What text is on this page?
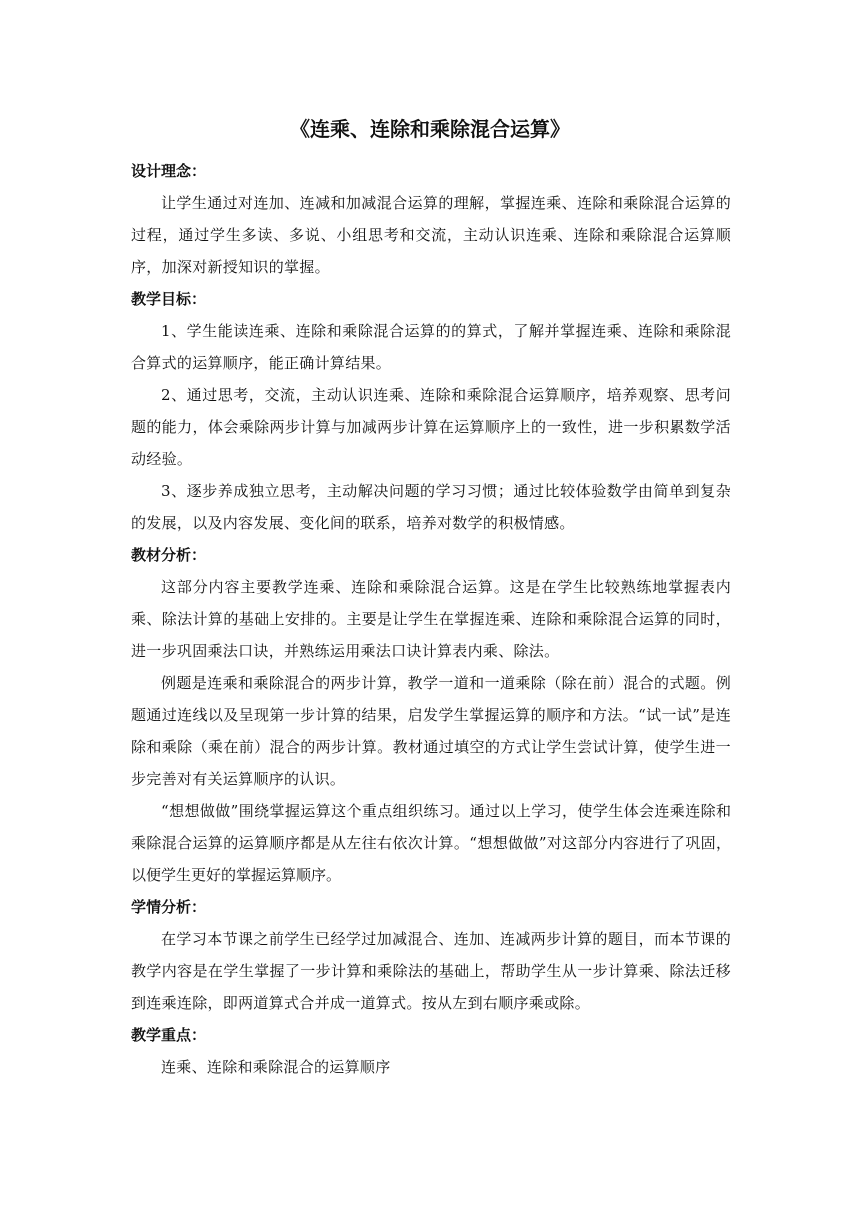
《连乘、连除和乘除混合运算》

设计理念：

让学生通过对连加、连减和加减混合运算的理解，掌握连乘、连除和乘除混合运算的过程，通过学生多读、多说、小组思考和交流，主动认识连乘、连除和乘除混合运算顺序，加深对新授知识的掌握。

教学目标：

1、学生能读连乘、连除和乘除混合运算的的算式，了解并掌握连乘、连除和乘除混合算式的运算顺序，能正确计算结果。

2、通过思考，交流，主动认识连乘、连除和乘除混合运算顺序，培养观察、思考问题的能力，体会乘除两步计算与加减两步计算在运算顺序上的一致性，进一步积累数学活动经验。

3、逐步养成独立思考，主动解决问题的学习习惯；通过比较体验数学由简单到复杂的发展，以及内容发展、变化间的联系，培养对数学的积极情感。

教材分析：

这部分内容主要教学连乘、连除和乘除混合运算。这是在学生比较熟练地掌握表内乘、除法计算的基础上安排的。主要是让学生在掌握连乘、连除和乘除混合运算的同时，进一步巩固乘法口诀，并熟练运用乘法口诀计算表内乘、除法。

例题是连乘和乘除混合的两步计算，教学一道和一道乘除（除在前）混合的式题。例题通过连线以及呈现第一步计算的结果，启发学生掌握运算的顺序和方法。“试一试”是连除和乘除（乘在前）混合的两步计算。教材通过填空的方式让学生尝试计算，使学生进一步完善对有关运算顺序的认识。

“想想做做”围绕掌握运算这个重点组织练习。通过以上学习，使学生体会连乘连除和乘除混合运算的运算顺序都是从左往右依次计算。“想想做做”对这部分内容进行了巩固，以便学生更好的掌握运算顺序。

学情分析：

在学习本节课之前学生已经学过加减混合、连加、连减两步计算的题目，而本节课的教学内容是在学生掌握了一步计算和乘除法的基础上，帮助学生从一步计算乘、除法迁移到连乘连除，即两道算式合并成一道算式。按从左到右顺序乘或除。

教学重点：

连乘、连除和乘除混合的运算顺序
